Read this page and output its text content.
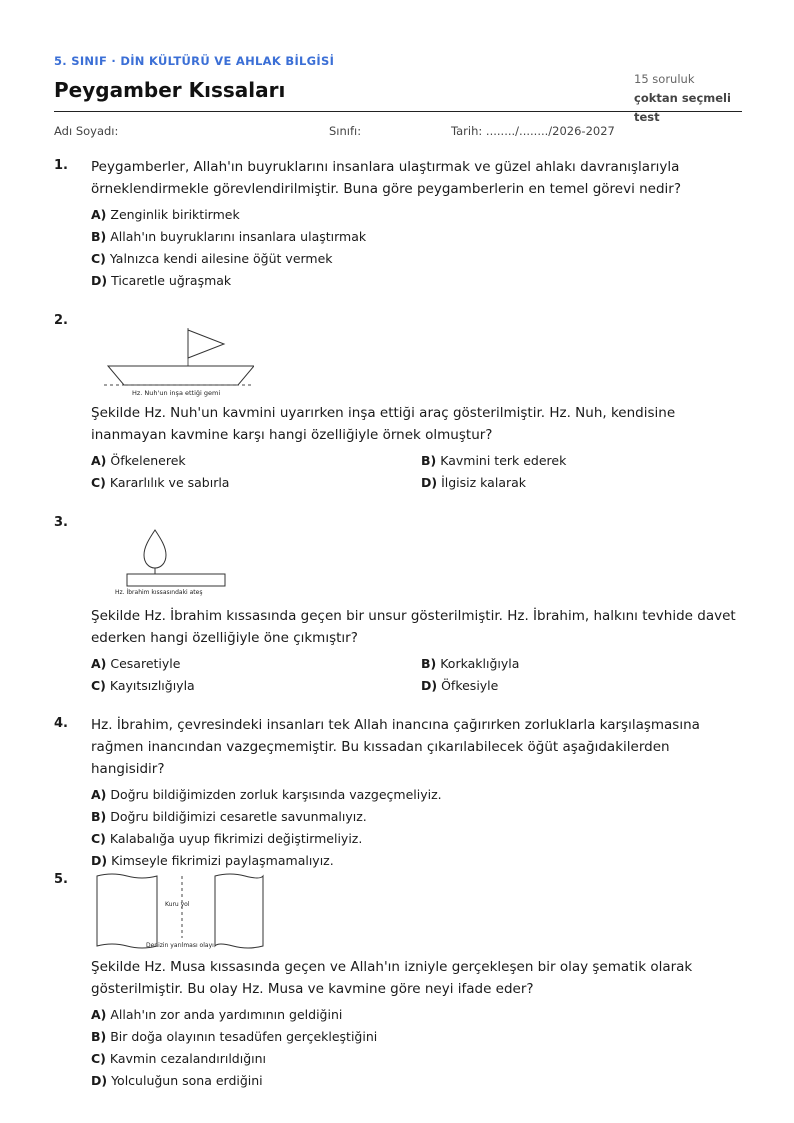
5. SINIF · DİN KÜLTÜRÜ VE AHLAK BİLGİSİ
Peygamber Kıssaları	15 soruluk
çoktan seçmeli test
Adı Soyadı:	Sınıfı:	Tarih: ......../......../2026-2027
1. Peygamberler, Allah'ın buyruklarını insanlara ulaştırmak ve güzel ahlakı davranışlarıyla örneklendirmekle görevlendirilmiştir. Buna göre peygamberlerin en temel görevi nedir?

A) Zenginlik biriktirmek
B) Allah'ın buyruklarını insanlara ulaştırmak
C) Yalnızca kendi ailesine öğüt vermek
D) Ticaretle uğraşmak
2.
Hz. Nuh'un inşa ettiği gemi

Şekilde Hz. Nuh'un kavmini uyarırken inşa ettiği araç gösterilmiştir. Hz. Nuh, kendisine inanmayan kavmine karşı hangi özelliğiyle örnek olmuştur?

A) Öfkelenerek	B) Kavmini terk ederek
C) Kararlılık ve sabırla	D) İlgisiz kalarak
3.
Hz. İbrahim kıssasındaki ateş

Şekilde Hz. İbrahim kıssasında geçen bir unsur gösterilmiştir. Hz. İbrahim, halkını tevhide davet ederken hangi özelliğiyle öne çıkmıştır?

A) Cesaretiyle	B) Korkaklığıyla
C) Kayıtsızlığıyla	D) Öfkesiyle
4. Hz. İbrahim, çevresindeki insanları tek Allah inancına çağırırken zorluklarla karşılaşmasına rağmen inancından vazgeçmemiştir. Bu kıssadan çıkarılabilecek öğüt aşağıdakilerden hangisidir?

A) Doğru bildiğimizden zorluk karşısında vazgeçmeliyiz.
B) Doğru bildiğimizi cesaretle savunmalıyız.
C) Kalabalığa uyup fikrimizi değiştirmeliyiz.
D) Kimseyle fikrimizi paylaşmamalıyız.
5.
Kuru yol
Denizin yarılması olayı

Şekilde Hz. Musa kıssasında geçen ve Allah'ın izniyle gerçekleşen bir olay şematik olarak gösterilmiştir. Bu olay Hz. Musa ve kavmine göre neyi ifade eder?

A) Allah'ın zor anda yardımının geldiğini
B) Bir doğa olayının tesadüfen gerçekleştiğini
C) Kavmin cezalandırıldığını
D) Yolculuğun sona erdiğini
